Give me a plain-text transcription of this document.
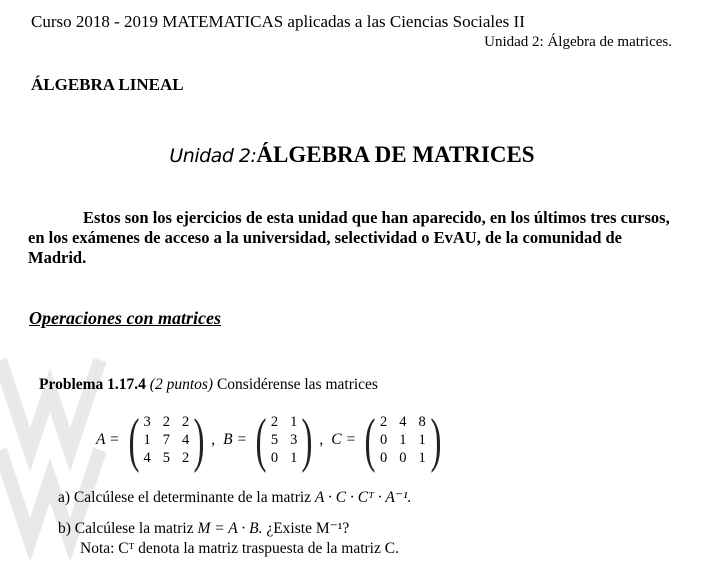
Curso 2018 - 2019 MATEMATICAS aplicadas a las Ciencias Sociales II
Unidad 2: Álgebra de matrices.
ÁLGEBRA LINEAL
Unidad 2:ÁLGEBRA DE MATRICES
Estos son los ejercicios de esta unidad que han aparecido, en los últimos tres cursos, en los exámenes de acceso a la universidad, selectividad o EvAU, de la comunidad de Madrid.
Operaciones con matrices
Problema 1.17.4 (2 puntos) Considérense las matrices
A = ( 3 2 2
1 7 4
4 5 2 ) , B = ( 2 1
5 3
0 1 ) , C = ( 2 4 8
0 1 1
0 0 1 )
a) Calcúlese el determinante de la matriz A · C · Cᵀ · A⁻¹.
b) Calcúlese la matriz M = A · B. ¿Existe M⁻¹?
Nota: Cᵀ denota la matriz traspuesta de la matriz C.
